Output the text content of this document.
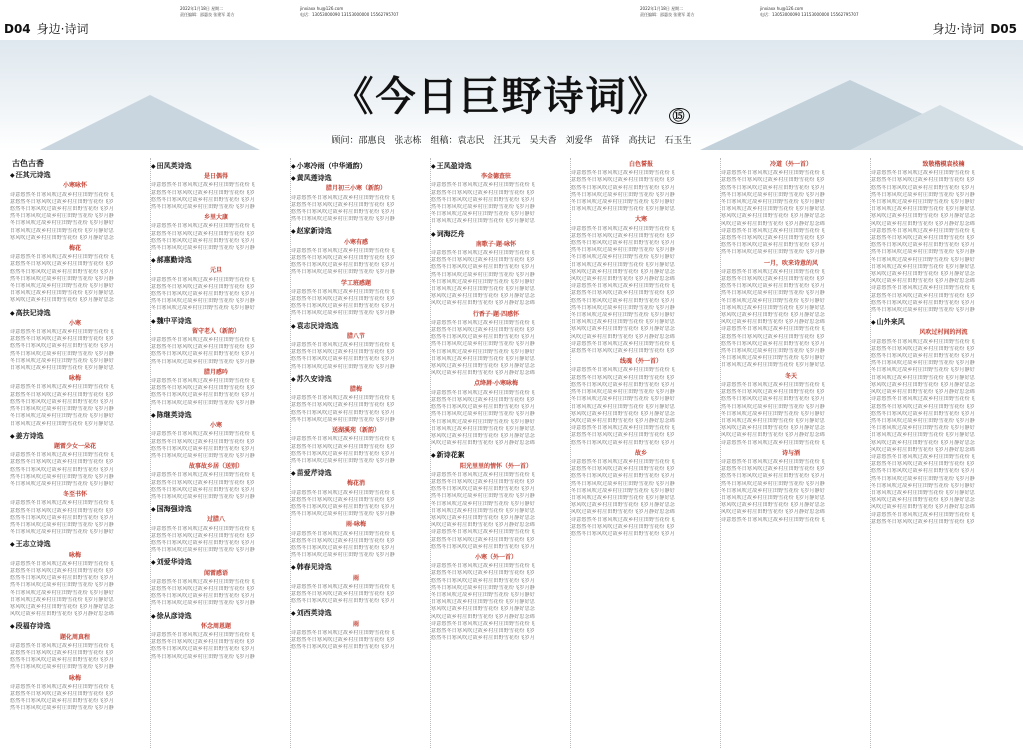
D04 身边·诗词
2022年1月18日 星期二
责任编辑：邵惠良 张建军 姜方
jinxiaxx hu@126.com
电话：13053000090 13153000000 15562795707
2022年1月18日 星期二
责任编辑：邵惠良 张建军 姜方
jinxiaxx hu@126.com
电话：13053000090 13153000000 15562795707
身边·诗词 D05
《今日巨野诗词》 ⑮
顾问：邵惠良　张志栋　组稿：袁志民　汪其元　吴夫香　刘爱华　苗铎　高扶记　石玉生
古色古香
◆ 汪其元诗选
小寒咏怀
诗意悠然冬日寒风吹过故乡村庄田野雪花纷飞
意悠然冬日寒风吹过故乡村庄田野雪花纷飞岁
悠然冬日寒风吹过故乡村庄田野雪花纷飞岁月
然冬日寒风吹过故乡村庄田野雪花纷飞岁月静
冬日寒风吹过故乡村庄田野雪花纷飞岁月静好
日寒风吹过故乡村庄田野雪花纷飞岁月静好思
寒风吹过故乡村庄田野雪花纷飞岁月静好思念
梅花
诗意悠然冬日寒风吹过故乡村庄田野雪花纷飞
意悠然冬日寒风吹过故乡村庄田野雪花纷飞岁
悠然冬日寒风吹过故乡村庄田野雪花纷飞岁月
然冬日寒风吹过故乡村庄田野雪花纷飞岁月静
冬日寒风吹过故乡村庄田野雪花纷飞岁月静好
日寒风吹过故乡村庄田野雪花纷飞岁月静好思
寒风吹过故乡村庄田野雪花纷飞岁月静好思念
◆ 高扶记诗选
小寒
诗意悠然冬日寒风吹过故乡村庄田野雪花纷飞
意悠然冬日寒风吹过故乡村庄田野雪花纷飞岁
悠然冬日寒风吹过故乡村庄田野雪花纷飞岁月
然冬日寒风吹过故乡村庄田野雪花纷飞岁月静
冬日寒风吹过故乡村庄田野雪花纷飞岁月静好
日寒风吹过故乡村庄田野雪花纷飞岁月静好思
咏梅
诗意悠然冬日寒风吹过故乡村庄田野雪花纷飞
意悠然冬日寒风吹过故乡村庄田野雪花纷飞岁
悠然冬日寒风吹过故乡村庄田野雪花纷飞岁月
然冬日寒风吹过故乡村庄田野雪花纷飞岁月静
冬日寒风吹过故乡村庄田野雪花纷飞岁月静好
日寒风吹过故乡村庄田野雪花纷飞岁月静好思
◆ 姜方诗选
题雷少女一朵花
诗意悠然冬日寒风吹过故乡村庄田野雪花纷飞
意悠然冬日寒风吹过故乡村庄田野雪花纷飞岁
悠然冬日寒风吹过故乡村庄田野雪花纷飞岁月
然冬日寒风吹过故乡村庄田野雪花纷飞岁月静
冬日寒风吹过故乡村庄田野雪花纷飞岁月静好
冬至书怀
诗意悠然冬日寒风吹过故乡村庄田野雪花纷飞
意悠然冬日寒风吹过故乡村庄田野雪花纷飞岁
悠然冬日寒风吹过故乡村庄田野雪花纷飞岁月
然冬日寒风吹过故乡村庄田野雪花纷飞岁月静
冬日寒风吹过故乡村庄田野雪花纷飞岁月静好
◆ 王志立诗选
咏梅
诗意悠然冬日寒风吹过故乡村庄田野雪花纷飞
意悠然冬日寒风吹过故乡村庄田野雪花纷飞岁
悠然冬日寒风吹过故乡村庄田野雪花纷飞岁月
然冬日寒风吹过故乡村庄田野雪花纷飞岁月静
冬日寒风吹过故乡村庄田野雪花纷飞岁月静好
日寒风吹过故乡村庄田野雪花纷飞岁月静好思
寒风吹过故乡村庄田野雪花纷飞岁月静好思念
风吹过故乡村庄田野雪花纷飞岁月静好思念绵
◆ 段福存诗选
题化周真程
诗意悠然冬日寒风吹过故乡村庄田野雪花纷飞
意悠然冬日寒风吹过故乡村庄田野雪花纷飞岁
悠然冬日寒风吹过故乡村庄田野雪花纷飞岁月
然冬日寒风吹过故乡村庄田野雪花纷飞岁月静
咏梅
诗意悠然冬日寒风吹过故乡村庄田野雪花纷飞
意悠然冬日寒风吹过故乡村庄田野雪花纷飞岁
悠然冬日寒风吹过故乡村庄田野雪花纷飞岁月
然冬日寒风吹过故乡村庄田野雪花纷飞岁月静
◆ 田凤英诗选
是日偶得
诗意悠然冬日寒风吹过故乡村庄田野雪花纷飞
意悠然冬日寒风吹过故乡村庄田野雪花纷飞岁
悠然冬日寒风吹过故乡村庄田野雪花纷飞岁月
然冬日寒风吹过故乡村庄田野雪花纷飞岁月静
乡里大康
诗意悠然冬日寒风吹过故乡村庄田野雪花纷飞
意悠然冬日寒风吹过故乡村庄田野雪花纷飞岁
悠然冬日寒风吹过故乡村庄田野雪花纷飞岁月
然冬日寒风吹过故乡村庄田野雪花纷飞岁月静
◆ 郝惠勤诗选
元旦
诗意悠然冬日寒风吹过故乡村庄田野雪花纷飞
意悠然冬日寒风吹过故乡村庄田野雪花纷飞岁
悠然冬日寒风吹过故乡村庄田野雪花纷飞岁月
然冬日寒风吹过故乡村庄田野雪花纷飞岁月静
冬日寒风吹过故乡村庄田野雪花纷飞岁月静好
◆ 魏中平诗选
留守老人（新韵）
诗意悠然冬日寒风吹过故乡村庄田野雪花纷飞
意悠然冬日寒风吹过故乡村庄田野雪花纷飞岁
悠然冬日寒风吹过故乡村庄田野雪花纷飞岁月
然冬日寒风吹过故乡村庄田野雪花纷飞岁月静
腊月感吟
诗意悠然冬日寒风吹过故乡村庄田野雪花纷飞
意悠然冬日寒风吹过故乡村庄田野雪花纷飞岁
悠然冬日寒风吹过故乡村庄田野雪花纷飞岁月
然冬日寒风吹过故乡村庄田野雪花纷飞岁月静
◆ 陈继英诗选
小寒
诗意悠然冬日寒风吹过故乡村庄田野雪花纷飞
意悠然冬日寒风吹过故乡村庄田野雪花纷飞岁
悠然冬日寒风吹过故乡村庄田野雪花纷飞岁月
然冬日寒风吹过故乡村庄田野雪花纷飞岁月静
故事故乡居（送别）
诗意悠然冬日寒风吹过故乡村庄田野雪花纷飞
意悠然冬日寒风吹过故乡村庄田野雪花纷飞岁
悠然冬日寒风吹过故乡村庄田野雪花纷飞岁月
然冬日寒风吹过故乡村庄田野雪花纷飞岁月静
◆ 国海强诗选
过腊八
诗意悠然冬日寒风吹过故乡村庄田野雪花纷飞
意悠然冬日寒风吹过故乡村庄田野雪花纷飞岁
悠然冬日寒风吹过故乡村庄田野雪花纷飞岁月
然冬日寒风吹过故乡村庄田野雪花纷飞岁月静
◆ 刘爱华诗选
闻雷感语
诗意悠然冬日寒风吹过故乡村庄田野雪花纷飞
意悠然冬日寒风吹过故乡村庄田野雪花纷飞岁
悠然冬日寒风吹过故乡村庄田野雪花纷飞岁月
然冬日寒风吹过故乡村庄田野雪花纷飞岁月静
◆ 徐从彦诗选
怀念周恩题
诗意悠然冬日寒风吹过故乡村庄田野雪花纷飞
意悠然冬日寒风吹过故乡村庄田野雪花纷飞岁
悠然冬日寒风吹过故乡村庄田野雪花纷飞岁月
然冬日寒风吹过故乡村庄田野雪花纷飞岁月静
◆ 小寒冷雨（中华通韵）
◆ 黄凤莲诗选
腊月初三小寒（新韵）
诗意悠然冬日寒风吹过故乡村庄田野雪花纷飞
意悠然冬日寒风吹过故乡村庄田野雪花纷飞岁
悠然冬日寒风吹过故乡村庄田野雪花纷飞岁月
然冬日寒风吹过故乡村庄田野雪花纷飞岁月静
◆ 赵家新诗选
小寒有感
诗意悠然冬日寒风吹过故乡村庄田野雪花纷飞
意悠然冬日寒风吹过故乡村庄田野雪花纷飞岁
悠然冬日寒风吹过故乡村庄田野雪花纷飞岁月
然冬日寒风吹过故乡村庄田野雪花纷飞岁月静
学工班感题
诗意悠然冬日寒风吹过故乡村庄田野雪花纷飞
意悠然冬日寒风吹过故乡村庄田野雪花纷飞岁
悠然冬日寒风吹过故乡村庄田野雪花纷飞岁月
然冬日寒风吹过故乡村庄田野雪花纷飞岁月静
◆ 袁志民诗选选
腊八节
诗意悠然冬日寒风吹过故乡村庄田野雪花纷飞
意悠然冬日寒风吹过故乡村庄田野雪花纷飞岁
悠然冬日寒风吹过故乡村庄田野雪花纷飞岁月
然冬日寒风吹过故乡村庄田野雪花纷飞岁月静
◆ 苏久安诗选
腊梅
诗意悠然冬日寒风吹过故乡村庄田野雪花纷飞
意悠然冬日寒风吹过故乡村庄田野雪花纷飞岁
悠然冬日寒风吹过故乡村庄田野雪花纷飞岁月
然冬日寒风吹过故乡村庄田野雪花纷飞岁月静
送湖溪苑（新韵）
诗意悠然冬日寒风吹过故乡村庄田野雪花纷飞
意悠然冬日寒风吹过故乡村庄田野雪花纷飞岁
悠然冬日寒风吹过故乡村庄田野雪花纷飞岁月
然冬日寒风吹过故乡村庄田野雪花纷飞岁月静
◆ 苗爱芹诗选
梅花消
诗意悠然冬日寒风吹过故乡村庄田野雪花纷飞
意悠然冬日寒风吹过故乡村庄田野雪花纷飞岁
悠然冬日寒风吹过故乡村庄田野雪花纷飞岁月
然冬日寒风吹过故乡村庄田野雪花纷飞岁月静
雨·咏梅
诗意悠然冬日寒风吹过故乡村庄田野雪花纷飞
意悠然冬日寒风吹过故乡村庄田野雪花纷飞岁
悠然冬日寒风吹过故乡村庄田野雪花纷飞岁月
然冬日寒风吹过故乡村庄田野雪花纷飞岁月静
◆ 韩春见诗选
雨
诗意悠然冬日寒风吹过故乡村庄田野雪花纷飞
意悠然冬日寒风吹过故乡村庄田野雪花纷飞岁
悠然冬日寒风吹过故乡村庄田野雪花纷飞岁月
◆ 刘西英诗选
雨
诗意悠然冬日寒风吹过故乡村庄田野雪花纷飞
意悠然冬日寒风吹过故乡村庄田野雪花纷飞岁
悠然冬日寒风吹过故乡村庄田野雪花纷飞岁月
◆ 王凤盈诗选
李金德查驻
诗意悠然冬日寒风吹过故乡村庄田野雪花纷飞
意悠然冬日寒风吹过故乡村庄田野雪花纷飞岁
悠然冬日寒风吹过故乡村庄田野雪花纷飞岁月
然冬日寒风吹过故乡村庄田野雪花纷飞岁月静
冬日寒风吹过故乡村庄田野雪花纷飞岁月静好
日寒风吹过故乡村庄田野雪花纷飞岁月静好思
◆ 词海泛舟
南歌子·题·咏怀
诗意悠然冬日寒风吹过故乡村庄田野雪花纷飞
意悠然冬日寒风吹过故乡村庄田野雪花纷飞岁
悠然冬日寒风吹过故乡村庄田野雪花纷飞岁月
然冬日寒风吹过故乡村庄田野雪花纷飞岁月静
冬日寒风吹过故乡村庄田野雪花纷飞岁月静好
日寒风吹过故乡村庄田野雪花纷飞岁月静好思
寒风吹过故乡村庄田野雪花纷飞岁月静好思念
风吹过故乡村庄田野雪花纷飞岁月静好思念绵
行香子·题·四感怀
诗意悠然冬日寒风吹过故乡村庄田野雪花纷飞
意悠然冬日寒风吹过故乡村庄田野雪花纷飞岁
悠然冬日寒风吹过故乡村庄田野雪花纷飞岁月
然冬日寒风吹过故乡村庄田野雪花纷飞岁月静
冬日寒风吹过故乡村庄田野雪花纷飞岁月静好
日寒风吹过故乡村庄田野雪花纷飞岁月静好思
寒风吹过故乡村庄田野雪花纷飞岁月静好思念
风吹过故乡村庄田野雪花纷飞岁月静好思念绵
点绛唇·小寒咏梅
诗意悠然冬日寒风吹过故乡村庄田野雪花纷飞
意悠然冬日寒风吹过故乡村庄田野雪花纷飞岁
悠然冬日寒风吹过故乡村庄田野雪花纷飞岁月
然冬日寒风吹过故乡村庄田野雪花纷飞岁月静
冬日寒风吹过故乡村庄田野雪花纷飞岁月静好
日寒风吹过故乡村庄田野雪花纷飞岁月静好思
寒风吹过故乡村庄田野雪花纷飞岁月静好思念
风吹过故乡村庄田野雪花纷飞岁月静好思念绵
◆ 新诗花絮
阳光里里的情怀（外一首）
诗意悠然冬日寒风吹过故乡村庄田野雪花纷飞
意悠然冬日寒风吹过故乡村庄田野雪花纷飞岁
悠然冬日寒风吹过故乡村庄田野雪花纷飞岁月
然冬日寒风吹过故乡村庄田野雪花纷飞岁月静
冬日寒风吹过故乡村庄田野雪花纷飞岁月静好
日寒风吹过故乡村庄田野雪花纷飞岁月静好思
寒风吹过故乡村庄田野雪花纷飞岁月静好思念
风吹过故乡村庄田野雪花纷飞岁月静好思念绵
诗意悠然冬日寒风吹过故乡村庄田野雪花纷飞
意悠然冬日寒风吹过故乡村庄田野雪花纷飞岁
悠然冬日寒风吹过故乡村庄田野雪花纷飞岁月
小寒（外一首）
诗意悠然冬日寒风吹过故乡村庄田野雪花纷飞
意悠然冬日寒风吹过故乡村庄田野雪花纷飞岁
悠然冬日寒风吹过故乡村庄田野雪花纷飞岁月
然冬日寒风吹过故乡村庄田野雪花纷飞岁月静
冬日寒风吹过故乡村庄田野雪花纷飞岁月静好
日寒风吹过故乡村庄田野雪花纷飞岁月静好思
寒风吹过故乡村庄田野雪花纷飞岁月静好思念
风吹过故乡村庄田野雪花纷飞岁月静好思念绵
诗意悠然冬日寒风吹过故乡村庄田野雪花纷飞
意悠然冬日寒风吹过故乡村庄田野雪花纷飞岁
悠然冬日寒风吹过故乡村庄田野雪花纷飞岁月
白色誓报
诗意悠然冬日寒风吹过故乡村庄田野雪花纷飞
意悠然冬日寒风吹过故乡村庄田野雪花纷飞岁
悠然冬日寒风吹过故乡村庄田野雪花纷飞岁月
然冬日寒风吹过故乡村庄田野雪花纷飞岁月静
冬日寒风吹过故乡村庄田野雪花纷飞岁月静好
日寒风吹过故乡村庄田野雪花纷飞岁月静好思
大寒
诗意悠然冬日寒风吹过故乡村庄田野雪花纷飞
意悠然冬日寒风吹过故乡村庄田野雪花纷飞岁
悠然冬日寒风吹过故乡村庄田野雪花纷飞岁月
然冬日寒风吹过故乡村庄田野雪花纷飞岁月静
冬日寒风吹过故乡村庄田野雪花纷飞岁月静好
日寒风吹过故乡村庄田野雪花纷飞岁月静好思
寒风吹过故乡村庄田野雪花纷飞岁月静好思念
风吹过故乡村庄田野雪花纷飞岁月静好思念绵
诗意悠然冬日寒风吹过故乡村庄田野雪花纷飞
意悠然冬日寒风吹过故乡村庄田野雪花纷飞岁
悠然冬日寒风吹过故乡村庄田野雪花纷飞岁月
然冬日寒风吹过故乡村庄田野雪花纷飞岁月静
冬日寒风吹过故乡村庄田野雪花纷飞岁月静好
日寒风吹过故乡村庄田野雪花纷飞岁月静好思
寒风吹过故乡村庄田野雪花纷飞岁月静好思念
风吹过故乡村庄田野雪花纷飞岁月静好思念绵
诗意悠然冬日寒风吹过故乡村庄田野雪花纷飞
意悠然冬日寒风吹过故乡村庄田野雪花纷飞岁
线魂（外一首）
诗意悠然冬日寒风吹过故乡村庄田野雪花纷飞
意悠然冬日寒风吹过故乡村庄田野雪花纷飞岁
悠然冬日寒风吹过故乡村庄田野雪花纷飞岁月
然冬日寒风吹过故乡村庄田野雪花纷飞岁月静
冬日寒风吹过故乡村庄田野雪花纷飞岁月静好
日寒风吹过故乡村庄田野雪花纷飞岁月静好思
寒风吹过故乡村庄田野雪花纷飞岁月静好思念
风吹过故乡村庄田野雪花纷飞岁月静好思念绵
诗意悠然冬日寒风吹过故乡村庄田野雪花纷飞
意悠然冬日寒风吹过故乡村庄田野雪花纷飞岁
悠然冬日寒风吹过故乡村庄田野雪花纷飞岁月
故乡
诗意悠然冬日寒风吹过故乡村庄田野雪花纷飞
意悠然冬日寒风吹过故乡村庄田野雪花纷飞岁
悠然冬日寒风吹过故乡村庄田野雪花纷飞岁月
然冬日寒风吹过故乡村庄田野雪花纷飞岁月静
冬日寒风吹过故乡村庄田野雪花纷飞岁月静好
日寒风吹过故乡村庄田野雪花纷飞岁月静好思
寒风吹过故乡村庄田野雪花纷飞岁月静好思念
风吹过故乡村庄田野雪花纷飞岁月静好思念绵
诗意悠然冬日寒风吹过故乡村庄田野雪花纷飞
意悠然冬日寒风吹过故乡村庄田野雪花纷飞岁
悠然冬日寒风吹过故乡村庄田野雪花纷飞岁月
冷道（外一首）
诗意悠然冬日寒风吹过故乡村庄田野雪花纷飞
意悠然冬日寒风吹过故乡村庄田野雪花纷飞岁
悠然冬日寒风吹过故乡村庄田野雪花纷飞岁月
然冬日寒风吹过故乡村庄田野雪花纷飞岁月静
冬日寒风吹过故乡村庄田野雪花纷飞岁月静好
日寒风吹过故乡村庄田野雪花纷飞岁月静好思
寒风吹过故乡村庄田野雪花纷飞岁月静好思念
风吹过故乡村庄田野雪花纷飞岁月静好思念绵
诗意悠然冬日寒风吹过故乡村庄田野雪花纷飞
意悠然冬日寒风吹过故乡村庄田野雪花纷飞岁
悠然冬日寒风吹过故乡村庄田野雪花纷飞岁月
然冬日寒风吹过故乡村庄田野雪花纷飞岁月静
一月，吹来诗意的风
诗意悠然冬日寒风吹过故乡村庄田野雪花纷飞
意悠然冬日寒风吹过故乡村庄田野雪花纷飞岁
悠然冬日寒风吹过故乡村庄田野雪花纷飞岁月
然冬日寒风吹过故乡村庄田野雪花纷飞岁月静
冬日寒风吹过故乡村庄田野雪花纷飞岁月静好
日寒风吹过故乡村庄田野雪花纷飞岁月静好思
寒风吹过故乡村庄田野雪花纷飞岁月静好思念
风吹过故乡村庄田野雪花纷飞岁月静好思念绵
诗意悠然冬日寒风吹过故乡村庄田野雪花纷飞
意悠然冬日寒风吹过故乡村庄田野雪花纷飞岁
悠然冬日寒风吹过故乡村庄田野雪花纷飞岁月
然冬日寒风吹过故乡村庄田野雪花纷飞岁月静
冬日寒风吹过故乡村庄田野雪花纷飞岁月静好
日寒风吹过故乡村庄田野雪花纷飞岁月静好思
冬天
诗意悠然冬日寒风吹过故乡村庄田野雪花纷飞
意悠然冬日寒风吹过故乡村庄田野雪花纷飞岁
悠然冬日寒风吹过故乡村庄田野雪花纷飞岁月
然冬日寒风吹过故乡村庄田野雪花纷飞岁月静
冬日寒风吹过故乡村庄田野雪花纷飞岁月静好
日寒风吹过故乡村庄田野雪花纷飞岁月静好思
寒风吹过故乡村庄田野雪花纷飞岁月静好思念
风吹过故乡村庄田野雪花纷飞岁月静好思念绵
诗意悠然冬日寒风吹过故乡村庄田野雪花纷飞
诗与酒
诗意悠然冬日寒风吹过故乡村庄田野雪花纷飞
意悠然冬日寒风吹过故乡村庄田野雪花纷飞岁
悠然冬日寒风吹过故乡村庄田野雪花纷飞岁月
然冬日寒风吹过故乡村庄田野雪花纷飞岁月静
冬日寒风吹过故乡村庄田野雪花纷飞岁月静好
日寒风吹过故乡村庄田野雪花纷飞岁月静好思
寒风吹过故乡村庄田野雪花纷飞岁月静好思念
风吹过故乡村庄田野雪花纷飞岁月静好思念绵
诗意悠然冬日寒风吹过故乡村庄田野雪花纷飞
致敬楷模袁枝楠
诗意悠然冬日寒风吹过故乡村庄田野雪花纷飞
意悠然冬日寒风吹过故乡村庄田野雪花纷飞岁
悠然冬日寒风吹过故乡村庄田野雪花纷飞岁月
然冬日寒风吹过故乡村庄田野雪花纷飞岁月静
冬日寒风吹过故乡村庄田野雪花纷飞岁月静好
日寒风吹过故乡村庄田野雪花纷飞岁月静好思
寒风吹过故乡村庄田野雪花纷飞岁月静好思念
风吹过故乡村庄田野雪花纷飞岁月静好思念绵
诗意悠然冬日寒风吹过故乡村庄田野雪花纷飞
意悠然冬日寒风吹过故乡村庄田野雪花纷飞岁
悠然冬日寒风吹过故乡村庄田野雪花纷飞岁月
然冬日寒风吹过故乡村庄田野雪花纷飞岁月静
冬日寒风吹过故乡村庄田野雪花纷飞岁月静好
日寒风吹过故乡村庄田野雪花纷飞岁月静好思
寒风吹过故乡村庄田野雪花纷飞岁月静好思念
风吹过故乡村庄田野雪花纷飞岁月静好思念绵
诗意悠然冬日寒风吹过故乡村庄田野雪花纷飞
意悠然冬日寒风吹过故乡村庄田野雪花纷飞岁
悠然冬日寒风吹过故乡村庄田野雪花纷飞岁月
然冬日寒风吹过故乡村庄田野雪花纷飞岁月静
◆ 山外来风
风吹过村间的河流
诗意悠然冬日寒风吹过故乡村庄田野雪花纷飞
意悠然冬日寒风吹过故乡村庄田野雪花纷飞岁
悠然冬日寒风吹过故乡村庄田野雪花纷飞岁月
然冬日寒风吹过故乡村庄田野雪花纷飞岁月静
冬日寒风吹过故乡村庄田野雪花纷飞岁月静好
日寒风吹过故乡村庄田野雪花纷飞岁月静好思
寒风吹过故乡村庄田野雪花纷飞岁月静好思念
风吹过故乡村庄田野雪花纷飞岁月静好思念绵
诗意悠然冬日寒风吹过故乡村庄田野雪花纷飞
意悠然冬日寒风吹过故乡村庄田野雪花纷飞岁
悠然冬日寒风吹过故乡村庄田野雪花纷飞岁月
然冬日寒风吹过故乡村庄田野雪花纷飞岁月静
冬日寒风吹过故乡村庄田野雪花纷飞岁月静好
日寒风吹过故乡村庄田野雪花纷飞岁月静好思
寒风吹过故乡村庄田野雪花纷飞岁月静好思念
风吹过故乡村庄田野雪花纷飞岁月静好思念绵
诗意悠然冬日寒风吹过故乡村庄田野雪花纷飞
意悠然冬日寒风吹过故乡村庄田野雪花纷飞岁
悠然冬日寒风吹过故乡村庄田野雪花纷飞岁月
然冬日寒风吹过故乡村庄田野雪花纷飞岁月静
冬日寒风吹过故乡村庄田野雪花纷飞岁月静好
日寒风吹过故乡村庄田野雪花纷飞岁月静好思
寒风吹过故乡村庄田野雪花纷飞岁月静好思念
风吹过故乡村庄田野雪花纷飞岁月静好思念绵
诗意悠然冬日寒风吹过故乡村庄田野雪花纷飞
意悠然冬日寒风吹过故乡村庄田野雪花纷飞岁
